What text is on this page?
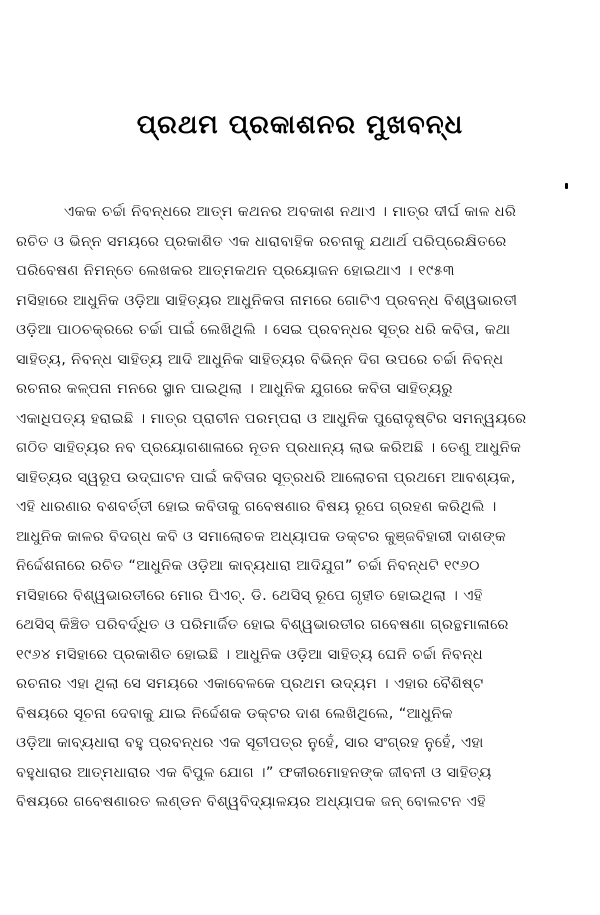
ପ୍ରଥମ ପ୍ରକାଶନର ମୁଖବନ୍ଧ
ଏକକ ଚର୍ଚ୍ଚା ନିବନ୍ଧରେ ଆତ୍ମ କଥନର ଅବକାଶ ନଥାଏ । ମାତ୍ର ଦୀର୍ଘ କାଳ ଧରି
ରଚିତ ଓ ଭିନ୍ନ ସମୟରେ ପ୍ରକାଶିତ ଏକ ଧାରାବାହିକ ରଚନାକୁ ଯଥାର୍ଥ ପରିପ୍ରେକ୍ଷିତରେ
ପରିବେଷଣ ନିମନ୍ତେ ଲେଖକର ଆତ୍ମକଥନ ପ୍ରୟୋଜନ ହୋଇଥାଏ । ୧୯୫୩
ମସିହାରେ ଆଧୁନିକ ଓଡ଼ିଆ ସାହିତ୍ୟର ଆଧୁନିକତା ନାମରେ ଗୋଟିଏ ପ୍ରବନ୍ଧ ବିଶ୍ୱଭାରତୀ
ଓଡ଼ିଆ ପାଠଚକ୍ରରେ ଚର୍ଚ୍ଚା ପାଇଁ ଲେଖିଥିଲି । ସେଇ ପ୍ରବନ୍ଧର ସୂତ୍ର ଧରି କବିତା, କଥା
ସାହିତ୍ୟ, ନିବନ୍ଧ ସାହିତ୍ୟ ଆଦି ଆଧୁନିକ ସାହିତ୍ୟର ବିଭିନ୍ନ ଦିଗ ଉପରେ ଚର୍ଚ୍ଚା ନିବନ୍ଧ
ରଚନାର କଳ୍ପନା ମନରେ ସ୍ଥାନ ପାଇଥିଲା । ଆଧୁନିକ ଯୁଗରେ କବିତା ସାହିତ୍ୟରୁ
ଏକାଧିପତ୍ୟ ହରାଇଛି । ମାତ୍ର ପ୍ରାଚୀନ ପରମ୍ପରା ଓ ଆଧୁନିକ ପୁରୋଦୃଷ୍ଟିର ସମନ୍ୱୟରେ
ଗଠିତ ସାହିତ୍ୟର ନବ ପ୍ରୟୋଗଶାଳାରେ ନୂତନ ପ୍ରଧାନ୍ୟ ଲାଭ କରିଅଛି । ତେଣୁ ଆଧୁନିକ
ସାହିତ୍ୟର ସ୍ୱରୂପ ଉଦ୍‌ଘାଟନ ପାଇଁ କବିତାର ସୂତ୍ରଧରି ଆଲୋଚନା ପ୍ରଥମେ ଆବଶ୍ୟକ,
ଏହି ଧାରଣାର ବଶବର୍ତ୍ତୀ ହୋଇ କବିତାକୁ ଗବେଷଣାର ବିଷୟ ରୂପେ ଗ୍ରହଣ କରିଥିଲି ।
ଆଧୁନିକ କାଳର ବିଦଗ୍ଧ କବି ଓ ସମାଲୋଚକ ଅଧ୍ୟାପକ ଡକ୍ଟର କୁଞ୍ଜବିହାରୀ ଦାଶଙ୍କ
ନିର୍ଦ୍ଦେଶନାରେ ରଚିତ “ଆଧୁନିକ ଓଡ଼ିଆ କାବ୍ୟଧାରା ଆଦିଯୁଗ” ଚର୍ଚ୍ଚା ନିବନ୍ଧଟି ୧୯୬୦
ମସିହାରେ ବିଶ୍ୱଭାରତୀରେ ମୋର ପିଏଚ୍‌. ଡି. ଥେସିସ୍ ରୂପେ ଗୃହୀତ ହୋଇଥିଲା । ଏହି
ଥେସିସ୍ କିଞ୍ଚିତ ପରିବର୍ଦ୍ଧିତ ଓ ପରିମାର୍ଜିତ ହୋଇ ବିଶ୍ୱଭାରତୀର ଗବେଷଣା ଗ୍ରନ୍ଥମାଳାରେ
୧୯୬୪ ମସିହାରେ ପ୍ରକାଶିତ ହୋଇଛି । ଆଧୁନିକ ଓଡ଼ିଆ ସାହିତ୍ୟ ଘେନି ଚର୍ଚ୍ଚା ନିବନ୍ଧ
ରଚନାର ଏହା ଥିଲା ସେ ସମୟରେ ଏକାବେଳକେ ପ୍ରଥମ ଉଦ୍ୟମ । ଏହାର ବୈଶିଷ୍ଟ
ବିଷୟରେ ସୂଚନା ଦେବାକୁ ଯାଇ ନିର୍ଦ୍ଦେଶକ ଡକ୍ଟର ଦାଶ ଲେଖିଥିଲେ, “ଆଧୁନିକ
ଓଡ଼ିଆ କାବ୍ୟଧାରା ବହୁ ପ୍ରବନ୍ଧର ଏକ ସୂଚୀପତ୍ର ନୁହେଁ, ସାର ସଂଗ୍ରହ ନୁହେଁ, ଏହା
ବହୁଧାରାର ଆତ୍ମଧାରାର ଏକ ବିପୁଳ ଯୋଗ ।” ଫକୀରମୋହନଙ୍କ ଜୀବନୀ ଓ ସାହିତ୍ୟ
ବିଷୟରେ ଗବେଷଣାରତ ଲଣ୍ଡନ ବିଶ୍ୱବିଦ୍ୟାଳୟର ଅଧ୍ୟାପକ ଜନ୍ ବୋଲଟନ ଏହି
